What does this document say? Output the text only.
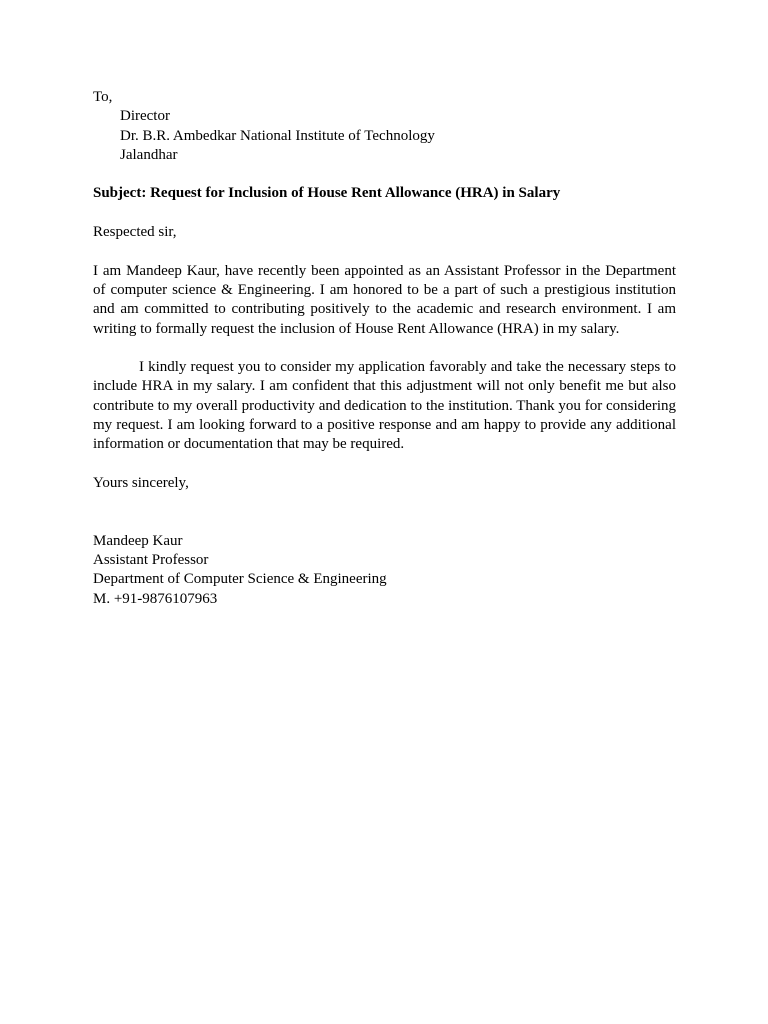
To,
Director
Dr. B.R. Ambedkar National Institute of Technology
Jalandhar
Subject: Request for Inclusion of House Rent Allowance (HRA) in Salary
Respected sir,
I am Mandeep Kaur, have recently been appointed as an Assistant Professor in the Department of computer science & Engineering. I am honored to be a part of such a prestigious institution and am committed to contributing positively to the academic and research environment. I am writing to formally request the inclusion of House Rent Allowance (HRA) in my salary.
I kindly request you to consider my application favorably and take the necessary steps to include HRA in my salary. I am confident that this adjustment will not only benefit me but also contribute to my overall productivity and dedication to the institution. Thank you for considering my request. I am looking forward to a positive response and am happy to provide any additional information or documentation that may be required.
Yours sincerely,
Mandeep Kaur
Assistant Professor
Department of Computer Science & Engineering
M. +91-9876107963
